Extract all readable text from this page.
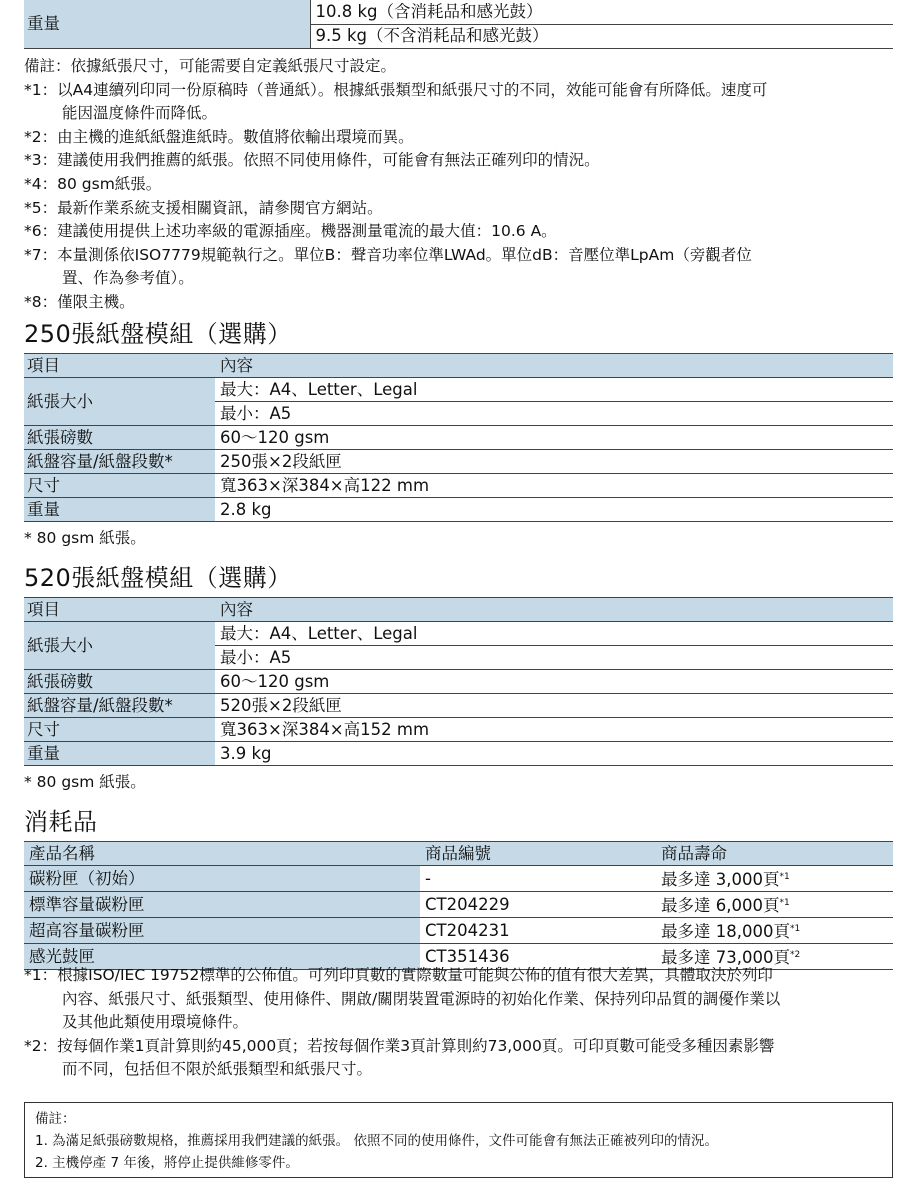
重量	10.8 kg（含消耗品和感光鼓）
9.5 kg（不含消耗品和感光鼓）

備註：依據紙張尺寸，可能需要自定義紙張尺寸設定。

*1：以A4連續列印同一份原稿時（普通紙）。根據紙張類型和紙張尺寸的不同，效能可能會有所降低。速度可

能因溫度條件而降低。

*2：由主機的進紙紙盤進紙時。數值將依輸出環境而異。

*3：建議使用我們推薦的紙張。依照不同使用條件，可能會有無法正確列印的情況。

*4：80 gsm紙張。

*5：最新作業系統支援相關資訊，請參閱官方網站。

*6：建議使用提供上述功率級的電源插座。機器測量電流的最大值：10.6 A。

*7：本量測係依ISO7779規範執行之。單位B：聲音功率位準LWAd。單位dB：音壓位準LpAm（旁觀者位

置、作為參考值）。

*8：僅限主機。

250張紙盤模組（選購）
項目	內容
紙張大小	最大：A4、Letter、Legal
	最小：A5
紙張磅數	60～120 gsm
紙盤容量/紙盤段數*	250張×2段紙匣
尺寸	寬363×深384×高122 mm
重量	2.8 kg
* 80 gsm 紙張。
520張紙盤模組（選購）
項目	內容
紙張大小	最大：A4、Letter、Legal
	最小：A5
紙張磅數	60～120 gsm
紙盤容量/紙盤段數*	520張×2段紙匣
尺寸	寬363×深384×高152 mm
重量	3.9 kg
* 80 gsm 紙張。
消耗品
產品名稱	商品編號	商品壽命
碳粉匣（初始）	-	最多達 3,000頁$^{*1}$
標準容量碳粉匣	CT204229	最多達 6,000頁$^{*1}$
超高容量碳粉匣	CT204231	最多達 18,000頁$^{*1}$
感光鼓匣	CT351436	最多達 73,000頁$^{*2}$

*1：根據ISO/IEC 19752標準的公佈值。可列印頁數的實際數量可能與公佈的值有很大差異，具體取決於列印

內容、紙張尺寸、紙張類型、使用條件、開啟/關閉裝置電源時的初始化作業、保持列印品質的調優作業以

及其他此類使用環境條件。

*2：按每個作業1頁計算則約45,000頁；若按每個作業3頁計算則約73,000頁。可印頁數可能受多種因素影響

而不同，包括但不限於紙張類型和紙張尺寸。

備註：

1. 為滿足紙張磅數規格，推薦採用我們建議的紙張。 依照不同的使用條件，文件可能會有無法正確被列印的情況。

2. 主機停產 7 年後，將停止提供維修零件。
